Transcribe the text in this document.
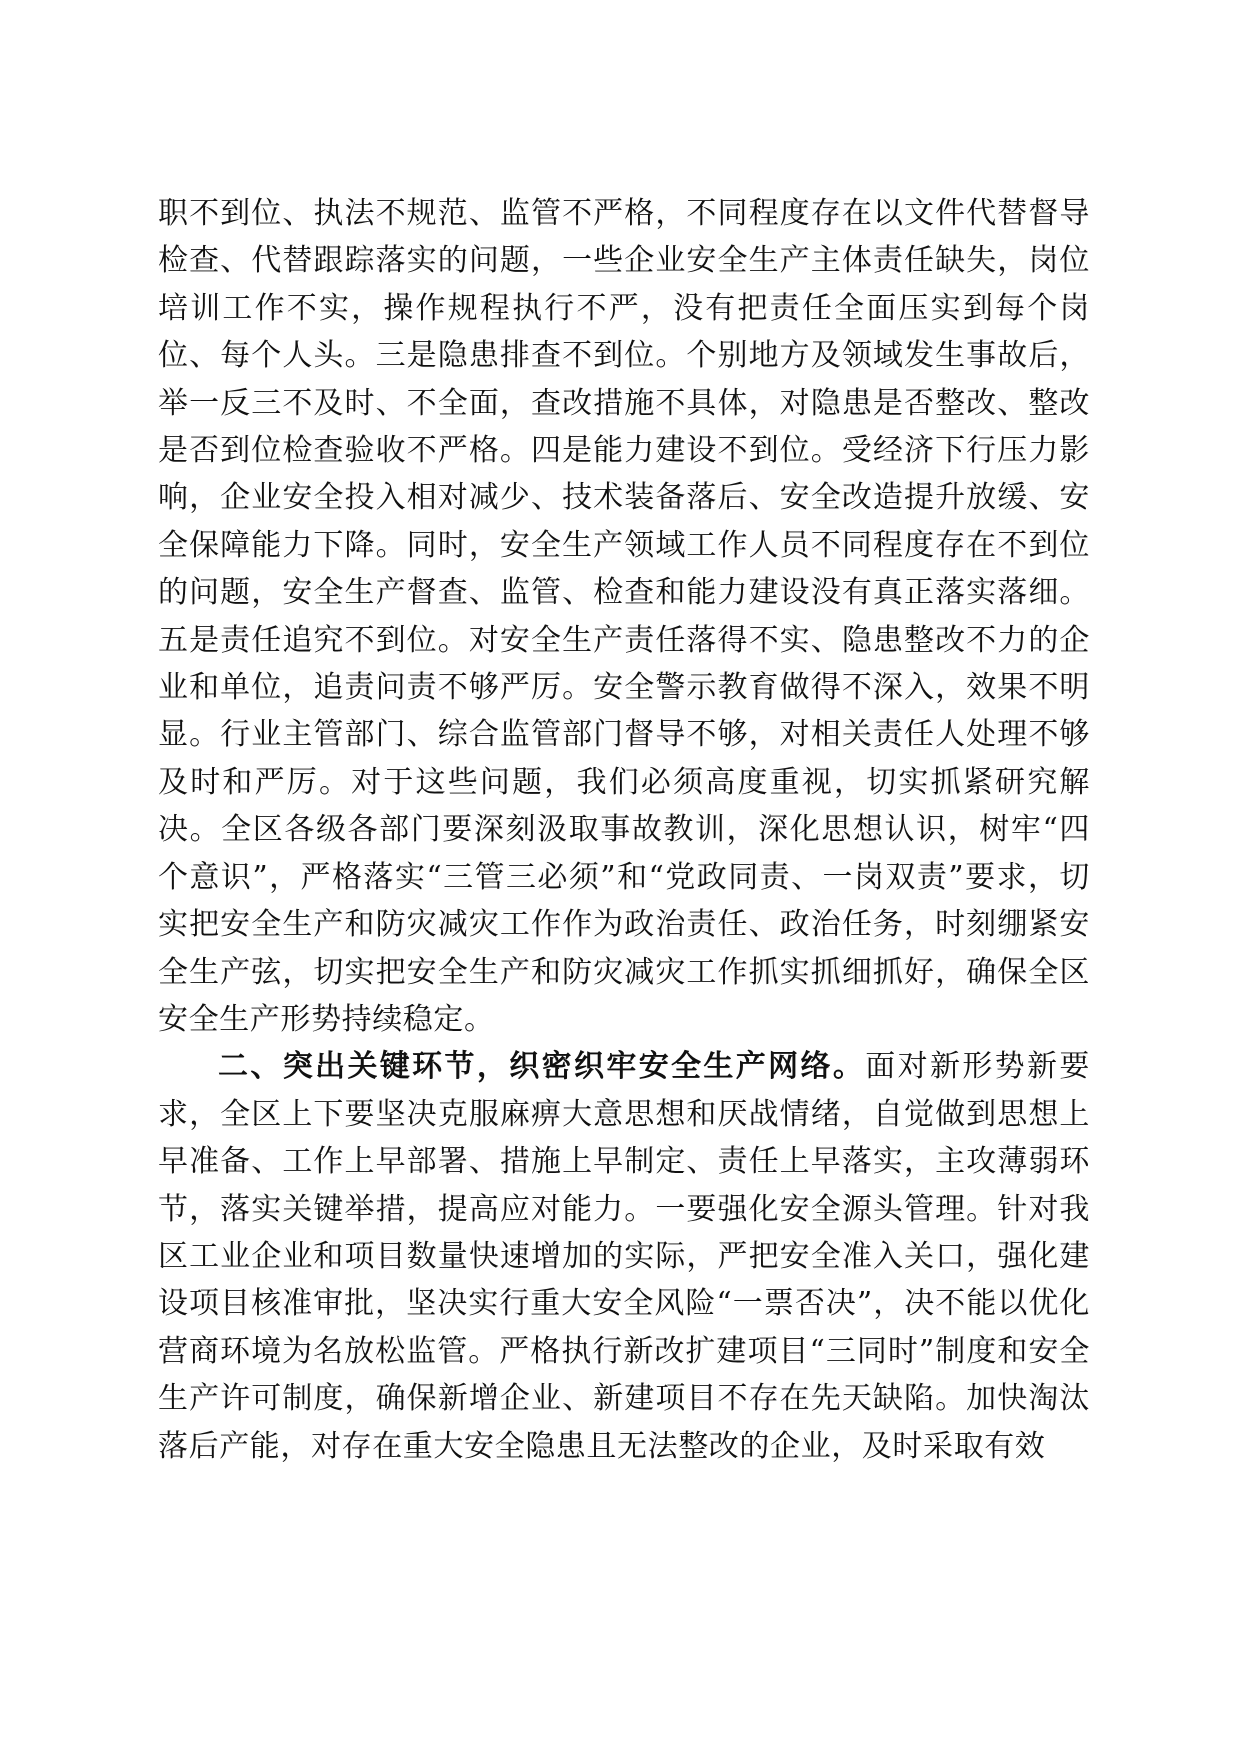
职不到位、执法不规范、监管不严格，不同程度存在以文件代替督导检查、代替跟踪落实的问题，一些企业安全生产主体责任缺失，岗位培训工作不实，操作规程执行不严，没有把责任全面压实到每个岗位、每个人头。三是隐患排查不到位。个别地方及领域发生事故后，举一反三不及时、不全面，查改措施不具体，对隐患是否整改、整改是否到位检查验收不严格。四是能力建设不到位。受经济下行压力影响，企业安全投入相对减少、技术装备落后、安全改造提升放缓、安全保障能力下降。同时，安全生产领域工作人员不同程度存在不到位的问题，安全生产督查、监管、检查和能力建设没有真正落实落细。五是责任追究不到位。对安全生产责任落得不实、隐患整改不力的企业和单位，追责问责不够严厉。安全警示教育做得不深入，效果不明显。行业主管部门、综合监管部门督导不够，对相关责任人处理不够及时和严厉。对于这些问题，我们必须高度重视，切实抓紧研究解决。全区各级各部门要深刻汲取事故教训，深化思想认识，树牢“四个意识”，严格落实“三管三必须”和“党政同责、一岗双责”要求，切实把安全生产和防灾减灾工作作为政治责任、政治任务，时刻绷紧安全生产弦，切实把安全生产和防灾减灾工作抓实抓细抓好，确保全区安全生产形势持续稳定。

二、突出关键环节，织密织牢安全生产网络。面对新形势新要求，全区上下要坚决克服麻痹大意思想和厌战情绪，自觉做到思想上早准备、工作上早部署、措施上早制定、责任上早落实，主攻薄弱环节，落实关键举措，提高应对能力。一要强化安全源头管理。针对我区工业企业和项目数量快速增加的实际，严把安全准入关口，强化建设项目核准审批，坚决实行重大安全风险“一票否决”，决不能以优化营商环境为名放松监管。严格执行新改扩建项目“三同时”制度和安全生产许可制度，确保新增企业、新建项目不存在先天缺陷。加快淘汰落后产能，对存在重大安全隐患且无法整改的企业，及时采取有效
